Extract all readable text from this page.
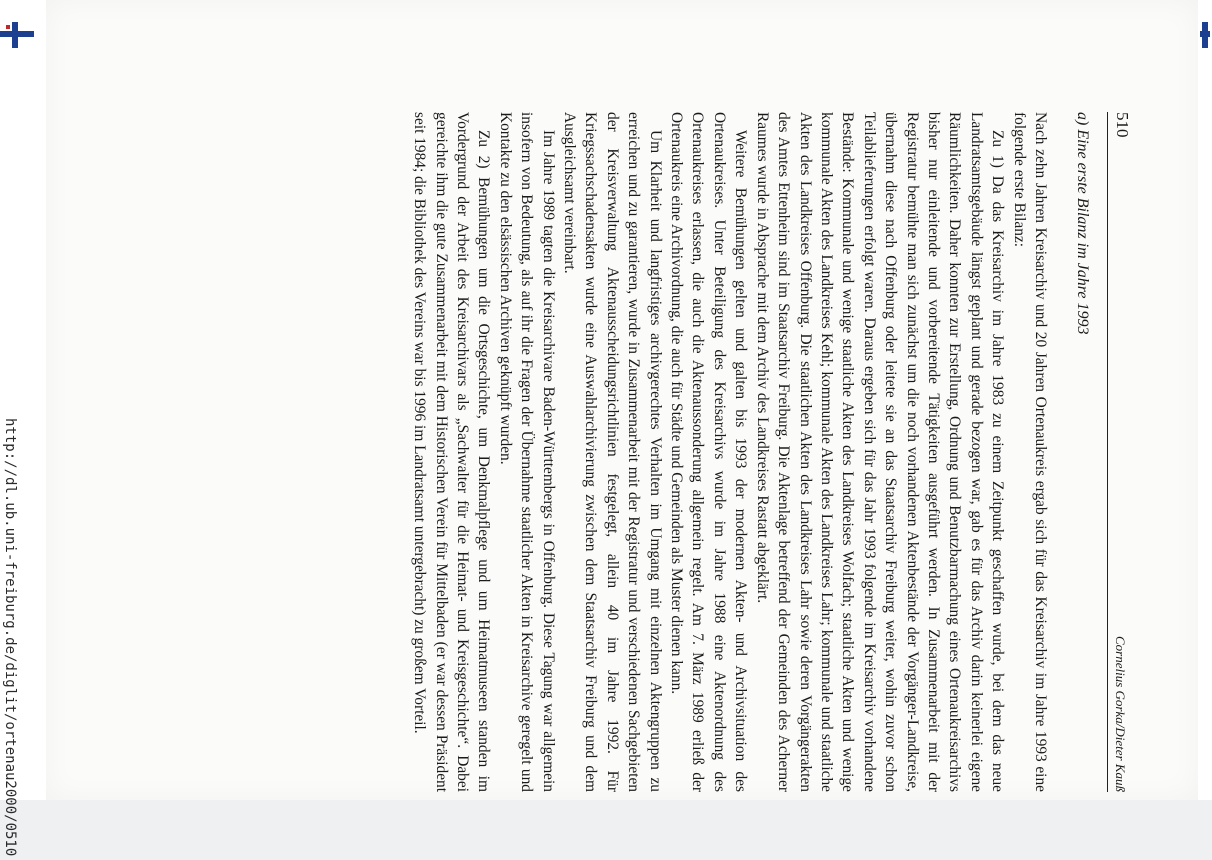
http://dl.ub.uni-freiburg.de/diglit/ortenau2000/0510
510
Cornelius Gorka/Dieter Kauß
a) Eine erste Bilanz im Jahre 1993

Nach zehn Jahren Kreisarchiv und 20 Jahren Ortenaukreis ergab sich für das Kreisarchiv im Jahre 1993 eine folgende erste Bilanz:

Zu 1) Da das Kreisarchiv im Jahre 1983 zu einem Zeitpunkt geschaffen wurde, bei dem das neue Landratsamtsgebäude längst geplant und gerade bezogen war, gab es für das Archiv darin keinerlei eigene Räumlichkeiten. Daher konnten zur Erstellung, Ordnung und Benutzbarmachung eines Ortenaukreisarchivs bisher nur einleitende und vorbereitende Tätigkeiten ausgeführt werden. In Zusammenarbeit mit der Registratur bemühte man sich zunächst um die noch vorhandenen Aktenbestände der Vorgänger-Landkreise, übernahm diese nach Offenburg oder leitete sie an das Staatsarchiv Freiburg weiter, wohin zuvor schon Teilablieferungen erfolgt waren. Daraus ergeben sich für das Jahr 1993 folgende im Kreisarchiv vorhandene Bestände: Kommunale und wenige staatliche Akten des Landkreises Wolfach; staatliche Akten und wenige kommunale Akten des Landkreises Kehl; kommunale Akten des Landkreises Lahr; kommunale und staatliche Akten des Landkreises Offenburg. Die staatlichen Akten des Landkreises Lahr sowie deren Vorgängerakten des Amtes Ettenheim sind im Staatsarchiv Freiburg. Die Aktenlage betreffend der Gemeinden des Acherner Raumes wurde in Absprache mit dem Archiv des Landkreises Rastatt abgeklärt.

Weitere Bemühungen gelten und galten bis 1993 der modernen Akten- und Archivsituation des Ortenaukreises. Unter Beteiligung des Kreisarchivs wurde im Jahre 1988 eine Aktenordnung des Ortenaukreises erlassen, die auch die Aktenaussonderung allgemein regelt. Am 7. März 1989 erließ der Ortenaukreis eine Archivordnung, die auch für Städte und Gemeinden als Muster dienen kann.

Um Klarheit und langfristiges archivgerechtes Verhalten im Umgang mit einzelnen Aktengruppen zu erreichen und zu garantieren, wurde in Zusammenarbeit mit der Registratur und verschiedenen Sachgebieten der Kreisverwaltung Aktenausscheidungsrichtlinien festgelegt, allein 40 im Jahre 1992. Für Kriegssachschadensakten wurde eine Auswahlarchivierung zwischen dem Staatsarchiv Freiburg und dem Ausgleichsamt vereinbart.

Im Jahre 1989 tagten die Kreisarchivare Baden-Württembergs in Offenburg. Diese Tagung war allgemein insofern von Bedeutung, als auf ihr die Fragen der Übernahme staatlicher Akten in Kreisarchive geregelt und Kontakte zu den elsässischen Archiven geknüpft wurden.

Zu 2) Bemühungen um die Ortsgeschichte, um Denkmalpflege und um Heimatmuseen standen im Vordergrund der Arbeit des Kreisarchivars als „Sachwalter für die Heimat- und Kreisgeschichte“. Dabei gereichte ihm die gute Zusammenarbeit mit dem Historischen Verein für Mittelbaden (er war dessen Präsident seit 1984; die Bibliothek des Vereins war bis 1996 im Landratsamt untergebracht) zu großem Vorteil.
